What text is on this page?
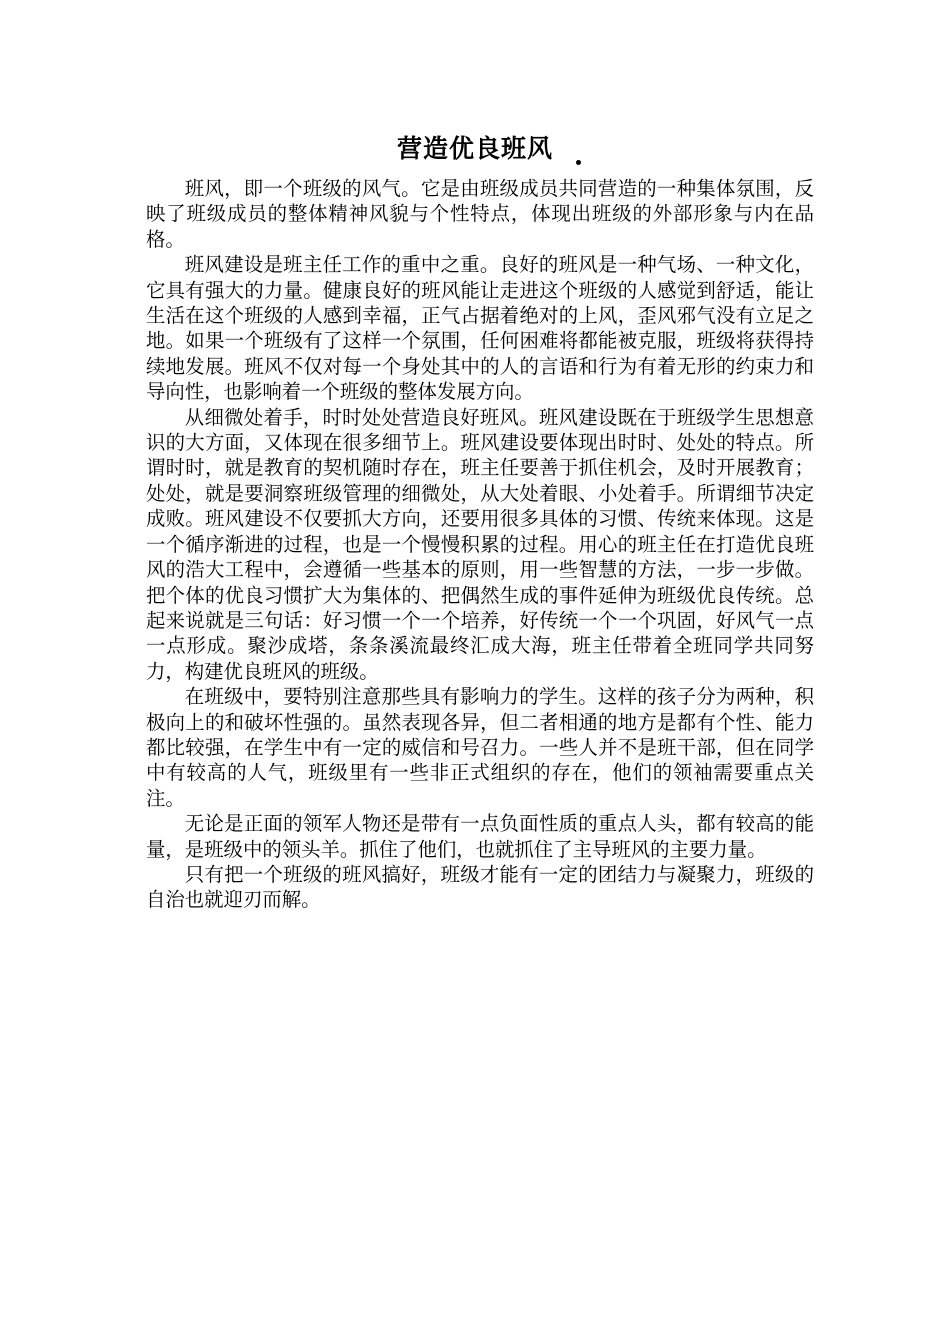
营造优良班风

班风，即一个班级的风气。它是由班级成员共同营造的一种集体氛围，反映了班级成员的整体精神风貌与个性特点，体现出班级的外部形象与内在品格。

班风建设是班主任工作的重中之重。良好的班风是一种气场、一种文化，它具有强大的力量。健康良好的班风能让走进这个班级的人感觉到舒适，能让生活在这个班级的人感到幸福，正气占据着绝对的上风，歪风邪气没有立足之地。如果一个班级有了这样一个氛围，任何困难将都能被克服，班级将获得持续地发展。班风不仅对每一个身处其中的人的言语和行为有着无形的约束力和导向性，也影响着一个班级的整体发展方向。

从细微处着手，时时处处营造良好班风。班风建设既在于班级学生思想意识的大方面，又体现在很多细节上。班风建设要体现出时时、处处的特点。所谓时时，就是教育的契机随时存在，班主任要善于抓住机会，及时开展教育；处处，就是要洞察班级管理的细微处，从大处着眼、小处着手。所谓细节决定成败。班风建设不仅要抓大方向，还要用很多具体的习惯、传统来体现。这是一个循序渐进的过程，也是一个慢慢积累的过程。用心的班主任在打造优良班风的浩大工程中，会遵循一些基本的原则，用一些智慧的方法，一步一步做。把个体的优良习惯扩大为集体的、把偶然生成的事件延伸为班级优良传统。总起来说就是三句话：好习惯一个一个培养，好传统一个一个巩固，好风气一点一点形成。聚沙成塔，条条溪流最终汇成大海，班主任带着全班同学共同努力，构建优良班风的班级。

在班级中，要特别注意那些具有影响力的学生。这样的孩子分为两种，积极向上的和破坏性强的。虽然表现各异，但二者相通的地方是都有个性、能力都比较强，在学生中有一定的威信和号召力。一些人并不是班干部，但在同学中有较高的人气，班级里有一些非正式组织的存在，他们的领袖需要重点关注。

无论是正面的领军人物还是带有一点负面性质的重点人头，都有较高的能量，是班级中的领头羊。抓住了他们，也就抓住了主导班风的主要力量。

只有把一个班级的班风搞好，班级才能有一定的团结力与凝聚力，班级的自治也就迎刃而解。
